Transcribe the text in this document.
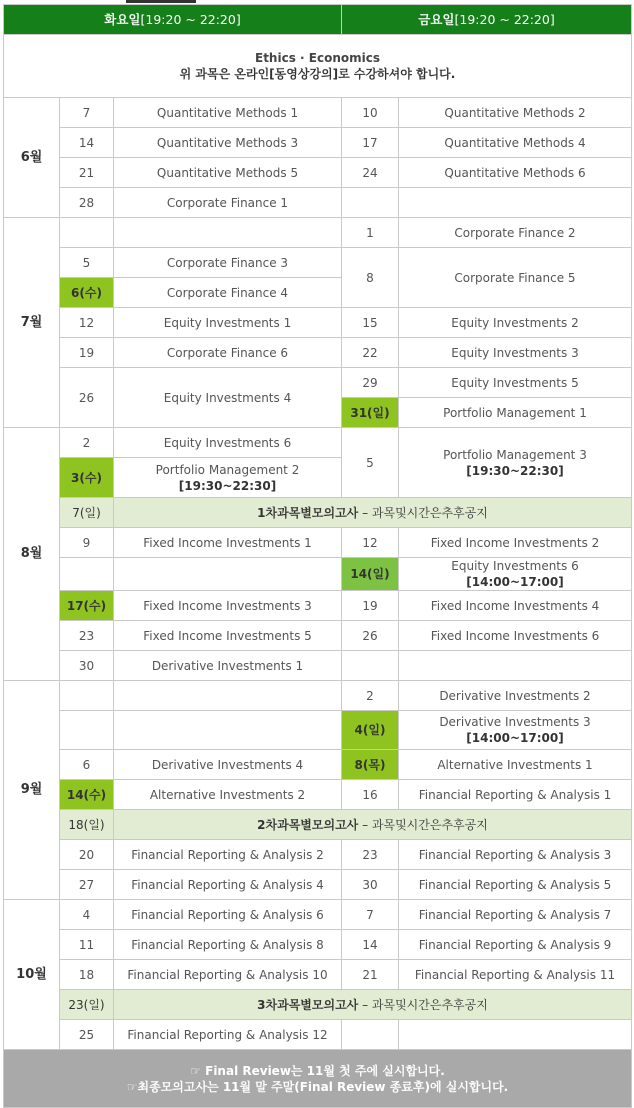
화요일[19:20 ~ 22:20]			금요일[19:20 ~ 22:20]	

Ethics · Economics
위 과목은 온라인[동영상강의]로 수강하셔야 합니다.				

6월	7	Quantitative Methods 1	10	Quantitative Methods 2
	14	Quantitative Methods 3	17	Quantitative Methods 4
	21	Quantitative Methods 5	24	Quantitative Methods 6
	28	Corporate Finance 1		
7월			1	Corporate Finance 2
	5	Corporate Finance 3	8	Corporate Finance 5
	6(수)	Corporate Finance 4		
	12	Equity Investments 1	15	Equity Investments 2
	19	Corporate Finance 6	22	Equity Investments 3
	26	Equity Investments 4	29	Equity Investments 5
			31(일)	Portfolio Management 1
8월	2	Equity Investments 6	5	Portfolio Management 3
[19:30~22:30]

	3(수)	Portfolio Management 2
[19:30~22:30]		

	7(일)	1차과목별모의고사 – 과목및시간은추후공지		
	9	Fixed Income Investments 1	12	Fixed Income Investments 2
			14(일)	Equity Investments 6 [14:00~17:00]
	17(수)	Fixed Income Investments 3	19	Fixed Income Investments 4
	23	Fixed Income Investments 5	26	Fixed Income Investments 6
	30	Derivative Investments 1		
9월			2	Derivative Investments 2
			4(일)	Derivative Investments 3
[14:00~17:00]

	6	Derivative Investments 4	8(목)	Alternative Investments 1
	14(수)	Alternative Investments 2	16	Financial Reporting & Analysis 1
	18(일)	2차과목별모의고사 – 과목및시간은추후공지		
	20	Financial Reporting & Analysis 2	23	Financial Reporting & Analysis 3
	27	Financial Reporting & Analysis 4	30	Financial Reporting & Analysis 5
10월	4	Financial Reporting & Analysis 6	7	Financial Reporting & Analysis 7
	11	Financial Reporting & Analysis 8	14	Financial Reporting & Analysis 9
	18	Financial Reporting & Analysis 10	21	Financial Reporting & Analysis 11
	23(일)	3차과목별모의고사 – 과목및시간은추후공지		
	25	Financial Reporting & Analysis 12		

☞ Final Review는 11월 첫 주에 실시합니다.
☞최종모의고사는 11월 말 주말(Final Review 종료후)에 실시합니다.				
